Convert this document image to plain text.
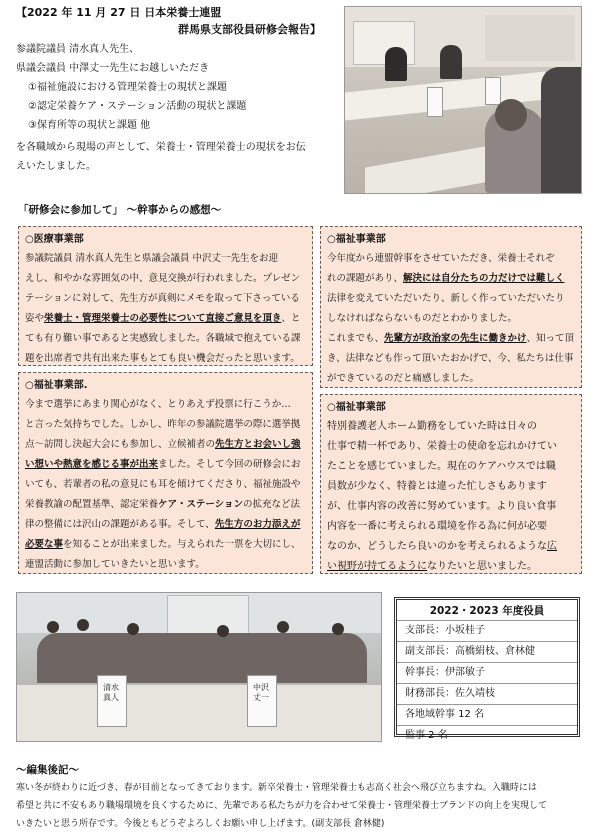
【2022 年 11 月 27 日 日本栄養士連盟
群馬県支部役員研修会報告】
参議院議員 清水真人先生、
県議会議員 中澤丈一先生にお越しいただき
①福祉施設における管理栄養士の現状と課題
②認定栄養ケア・ステーション活動の現状と課題
③保育所等の現状と課題 他
を各職域から現場の声として、栄養士・管理栄養士の現状をお伝
えいたしました。
「研修会に参加して」 ～幹事からの感想～
○医療事業部
参議院議員 清水真人先生と県議会議員 中沢丈一先生をお迎
えし、和やかな雰囲気の中、意見交換が行われました。プレゼン
テーションに対して、先生方が真剣にメモを取って下さっている
姿や栄養士・管理栄養士の必要性について直接ご意見を頂き、と
ても有り難い事であると実感致しました。各職域で抱えている課
題を出席者で共有出来た事もとても良い機会だったと思います。
○福祉事業部.
今まで選挙にあまり関心がなく、とりあえず投票に行こうか…
と言った気持ちでした。しかし、昨年の参議院選挙の際に選挙拠
点～訪問し決起大会にも参加し、立候補者の先生方とお会いし強
い想いや熱意を感じる事が出来ました。そして今回の研修会にお
いても、若輩者の私の意見にも耳を傾けてくださり、福祉施設や
栄養教諭の配置基準、認定栄養ケア・ステーションの拡充など法
律の整備には沢山の課題がある事。そして、先生方のお力添えが
必要な事を知ることが出来ました。与えられた一票を大切にし、
連盟活動に参加していきたいと思います。
○福祉事業部
今年度から連盟幹事をさせていただき、栄養士それぞ
れの課題があり、解決には自分たちの力だけでは難しく
法律を変えていただいたり、新しく作っていただいたり
しなければならないものだとわかりました。
これまでも、先輩方が政治家の先生に働きかけ、知って頂
き、法律なども作って頂いたおかげで、今、私たちは仕事
ができているのだと痛感しました。
○福祉事業部
特別養護老人ホーム勤務をしていた時は日々の
仕事で精一杯であり、栄養士の使命を忘れかけてい
たことを感じていました。現在のケアハウスでは職
員数が少なく、特養とは違った忙しさもあります
が、仕事内容の改善に努めています。より良い食事
内容を一番に考えられる環境を作る為に何が必要
なのか、どうしたら良いのかを考えられるような広
い視野が持てるようになりたいと思いました。
清水 真人
中沢 丈一
2022・2023 年度役員
支部長：小坂桂子
副支部長：高橋絹枝、倉林健
幹事長：伊部敏子
財務部長：佐久靖枝
各地域幹事 12 名
監事 2 名
～編集後記～
寒い冬が終わりに近づき、春が目前となってきております。新卒栄養士・管理栄養士も志高く社会へ飛び立ちますね。入職時には
希望と共に不安もあり職場環境を良くするために、先輩である私たちが力を合わせて栄養士・管理栄養士ブランドの向上を実現して
いきたいと思う所存です。今後ともどうぞよろしくお願い申し上げます。(副支部長 倉林健)
